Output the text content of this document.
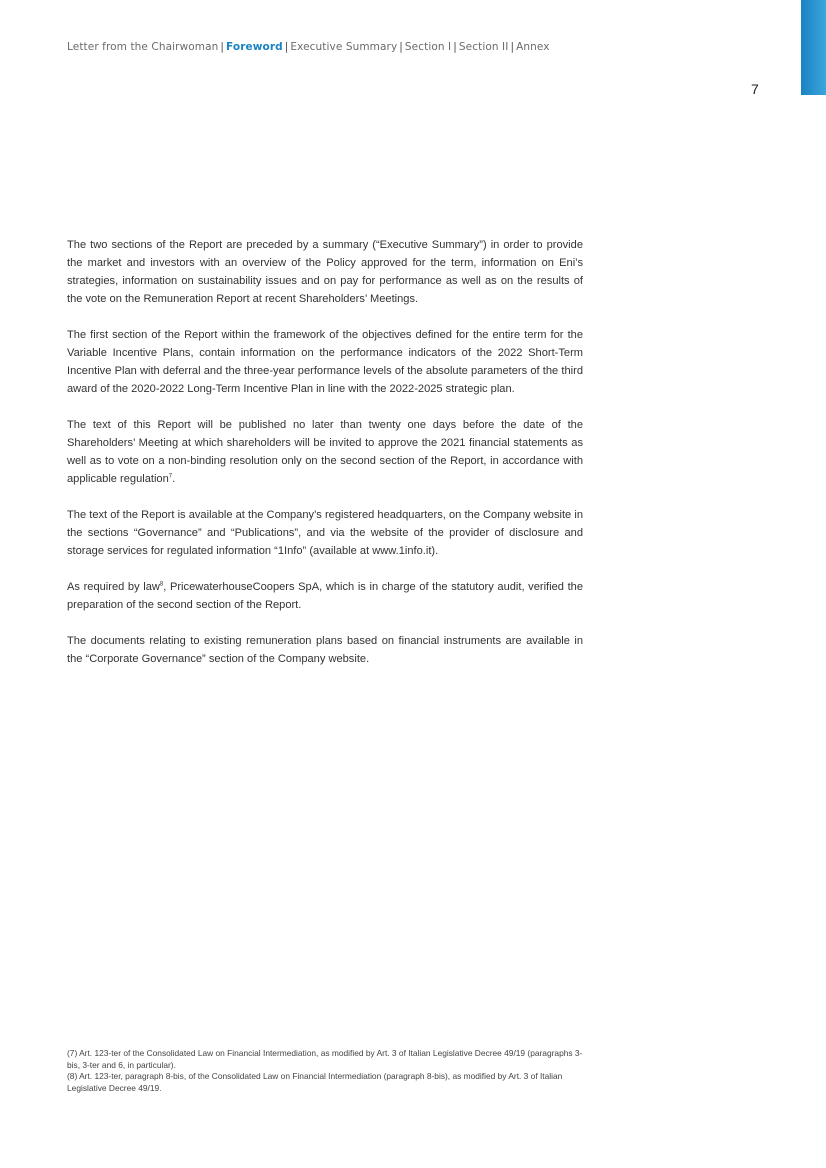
Letter from the Chairwoman | Foreword | Executive Summary | Section I | Section II | Annex
7

The two sections of the Report are preceded by a summary (“Executive Summary”) in order to provide the market and investors with an overview of the Policy approved for the term, information on Eni’s strategies, information on sustainability issues and on pay for performance as well as on the results of the vote on the Remuneration Report at recent Shareholders’ Meetings.

The first section of the Report within the framework of the objectives defined for the entire term for the Variable Incentive Plans, contain information on the performance indicators of the 2022 Short-Term Incentive Plan with deferral and the three-year performance levels of the absolute parameters of the third award of the 2020-2022 Long-Term Incentive Plan in line with the 2022-2025 strategic plan.

The text of this Report will be published no later than twenty one days before the date of the Shareholders’ Meeting at which shareholders will be invited to approve the 2021 financial statements as well as to vote on a non-binding resolution only on the second section of the Report, in accordance with applicable regulation$^7$.

The text of the Report is available at the Company’s registered headquarters, on the Company website in the sections “Governance” and “Publications”, and via the website of the provider of disclosure and storage services for regulated information “1Info” (available at www.1info.it).

As required by law$^8$, PricewaterhouseCoopers SpA, which is in charge of the statutory audit, verified the preparation of the second section of the Report.

The documents relating to existing remuneration plans based on financial instruments are available in the “Corporate Governance” section of the Company website.

(7) Art. 123-ter of the Consolidated Law on Financial Intermediation, as modified by Art. 3 of Italian Legislative Decree 49/19 (paragraphs 3-bis, 3-ter and 6, in particular).

(8) Art. 123-ter, paragraph 8-bis, of the Consolidated Law on Financial Intermediation (paragraph 8-bis), as modified by Art. 3 of Italian Legislative Decree 49/19.
